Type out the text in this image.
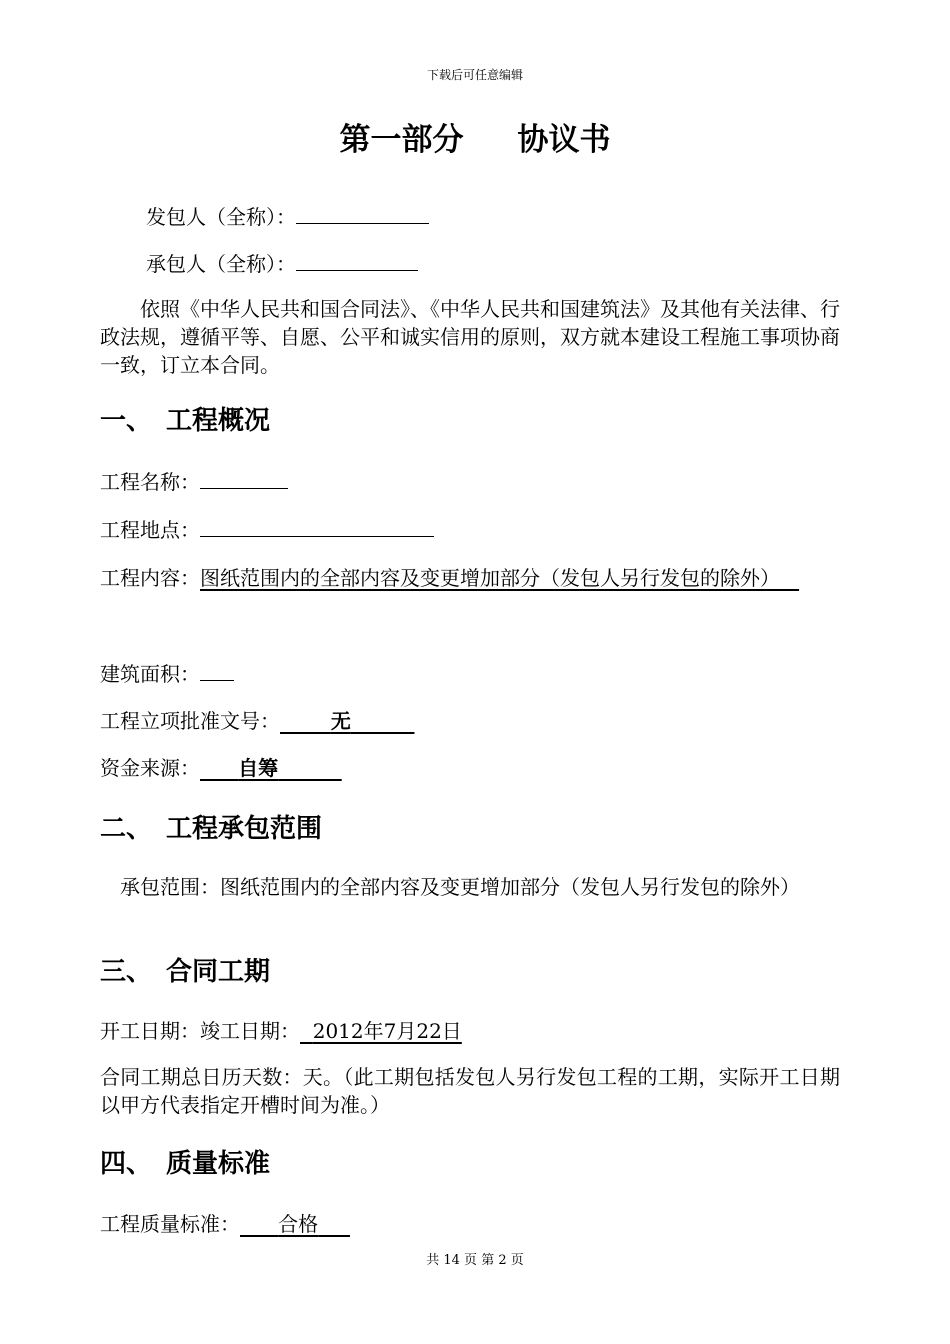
下载后可任意编辑
第一部分 协议书
发包人（全称）：
承包人（全称）：
依照《中华人民共和国合同法》、《中华人民共和国建筑法》及其他有关法律、行政法规，遵循平等、自愿、公平和诚实信用的原则，双方就本建设工程施工事项协商一致，订立本合同。
一、 工程概况
工程名称：
工程地点：
工程内容：图纸范围内的全部内容及变更增加部分（发包人另行发包的除外）
建筑面积：
工程立项批准文号：	无
资金来源： 自筹
二、 工程承包范围
承包范围：图纸范围内的全部内容及变更增加部分（发包人另行发包的除外）
三、 合同工期
开工日期：竣工日期： 2012年7月22日
合同工期总日历天数：天。（此工期包括发包人另行发包工程的工期，实际开工日期以甲方代表指定开槽时间为准。）
四、 质量标准
工程质量标准： 合格
共 14 页 第 2 页
